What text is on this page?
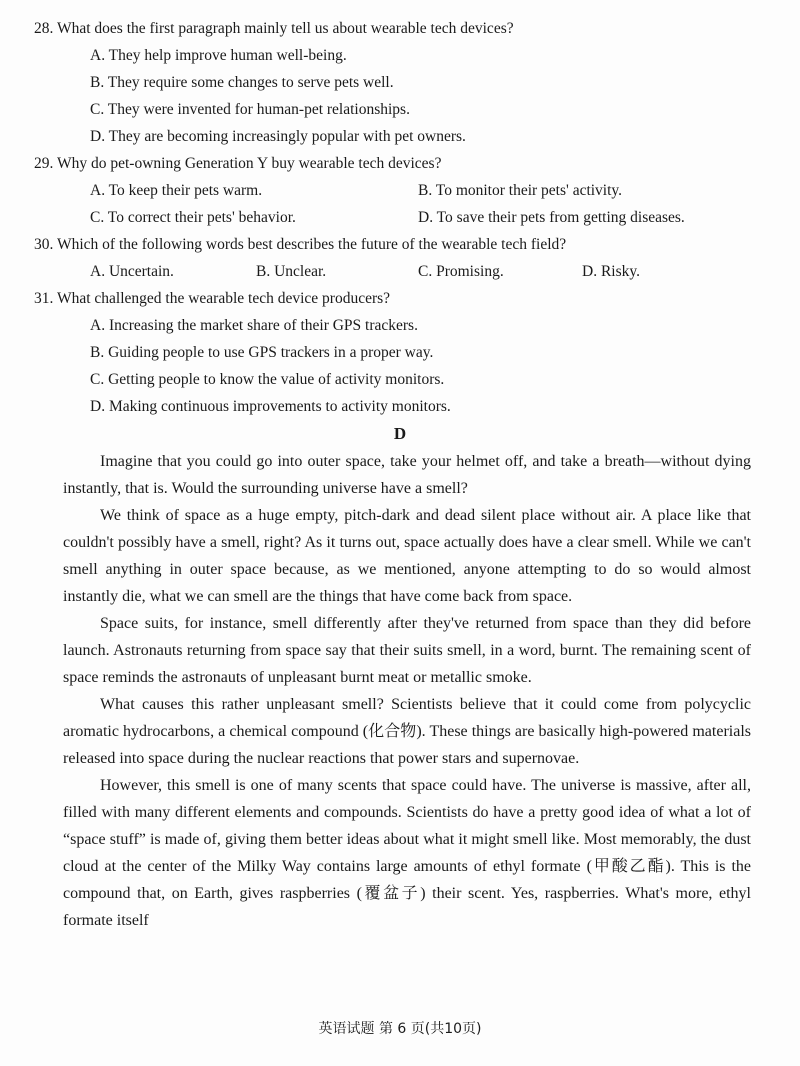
28. What does the first paragraph mainly tell us about wearable tech devices?
A. They help improve human well-being.
B. They require some changes to serve pets well.
C. They were invented for human-pet relationships.
D. They are becoming increasingly popular with pet owners.
29. Why do pet-owning Generation Y buy wearable tech devices?
A. To keep their pets warm.	B. To monitor their pets' activity.
C. To correct their pets' behavior.	D. To save their pets from getting diseases.
30. Which of the following words best describes the future of the wearable tech field?
A. Uncertain.	B. Unclear.	C. Promising.	D. Risky.
31. What challenged the wearable tech device producers?
A. Increasing the market share of their GPS trackers.
B. Guiding people to use GPS trackers in a proper way.
C. Getting people to know the value of activity monitors.
D. Making continuous improvements to activity monitors.
D

Imagine that you could go into outer space, take your helmet off, and take a breath—without dying instantly, that is. Would the surrounding universe have a smell?

We think of space as a huge empty, pitch-dark and dead silent place without air. A place like that couldn't possibly have a smell, right? As it turns out, space actually does have a clear smell. While we can't smell anything in outer space because, as we mentioned, anyone attempting to do so would almost instantly die, what we can smell are the things that have come back from space.

Space suits, for instance, smell differently after they've returned from space than they did before launch. Astronauts returning from space say that their suits smell, in a word, burnt. The remaining scent of space reminds the astronauts of unpleasant burnt meat or metallic smoke.

What causes this rather unpleasant smell? Scientists believe that it could come from polycyclic aromatic hydrocarbons, a chemical compound (化合物). These things are basically high-powered materials released into space during the nuclear reactions that power stars and supernovae.

However, this smell is one of many scents that space could have. The universe is massive, after all, filled with many different elements and compounds. Scientists do have a pretty good idea of what a lot of “space stuff” is made of, giving them better ideas about what it might smell like. Most memorably, the dust cloud at the center of the Milky Way contains large amounts of ethyl formate (甲酸乙酯). This is the compound that, on Earth, gives raspberries (覆盆子) their scent. Yes, raspberries. What's more, ethyl formate itself

英语试题 第 6 页(共10页)
